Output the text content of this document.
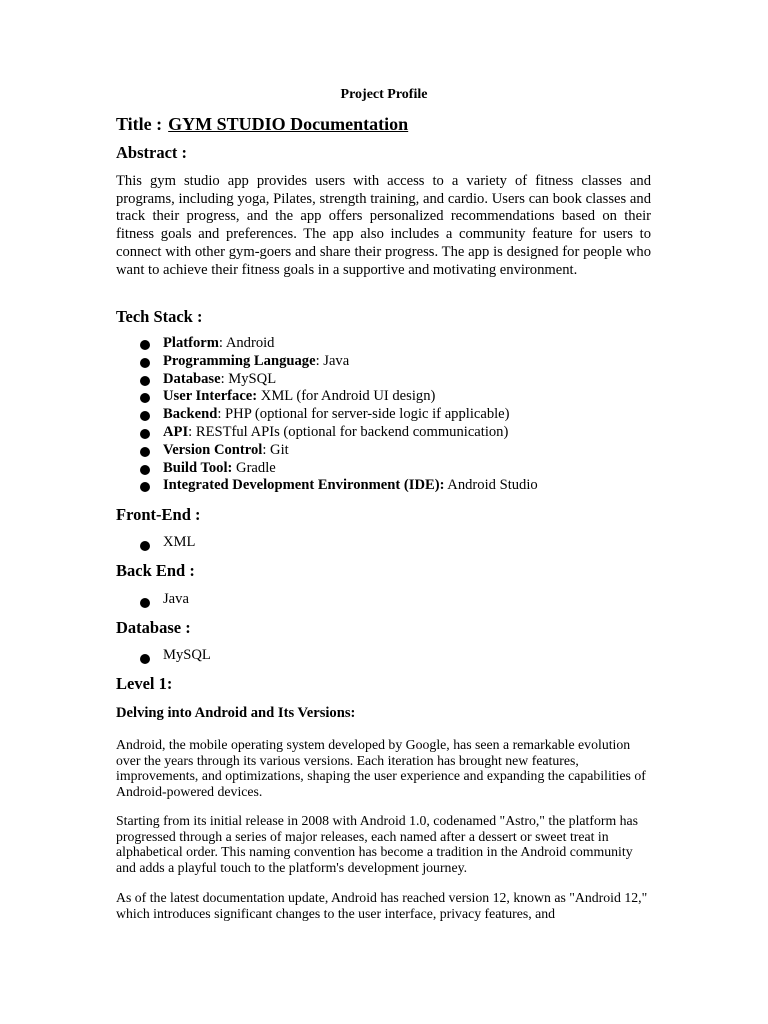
Project Profile
Title : GYM STUDIO Documentation
Abstract :
This gym studio app provides users with access to a variety of fitness classes and programs, including yoga, Pilates, strength training, and cardio. Users can book classes and track their progress, and the app offers personalized recommendations based on their fitness goals and preferences. The app also includes a community feature for users to connect with other gym-goers and share their progress. The app is designed for people who want to achieve their fitness goals in a supportive and motivating environment.
Tech Stack :
Platform: Android
Programming Language: Java
Database: MySQL
User Interface: XML (for Android UI design)
Backend: PHP (optional for server-side logic if applicable)
API: RESTful APIs (optional for backend communication)
Version Control: Git
Build Tool: Gradle
Integrated Development Environment (IDE): Android Studio
Front-End :
XML
Back End :
Java
Database :
MySQL
Level 1:
Delving into Android and Its Versions:
Android, the mobile operating system developed by Google, has seen a remarkable evolution over the years through its various versions. Each iteration has brought new features, improvements, and optimizations, shaping the user experience and expanding the capabilities of Android-powered devices.
Starting from its initial release in 2008 with Android 1.0, codenamed "Astro," the platform has progressed through a series of major releases, each named after a dessert or sweet treat in alphabetical order. This naming convention has become a tradition in the Android community and adds a playful touch to the platform's development journey.
As of the latest documentation update, Android has reached version 12, known as "Android 12," which introduces significant changes to the user interface, privacy features, and
